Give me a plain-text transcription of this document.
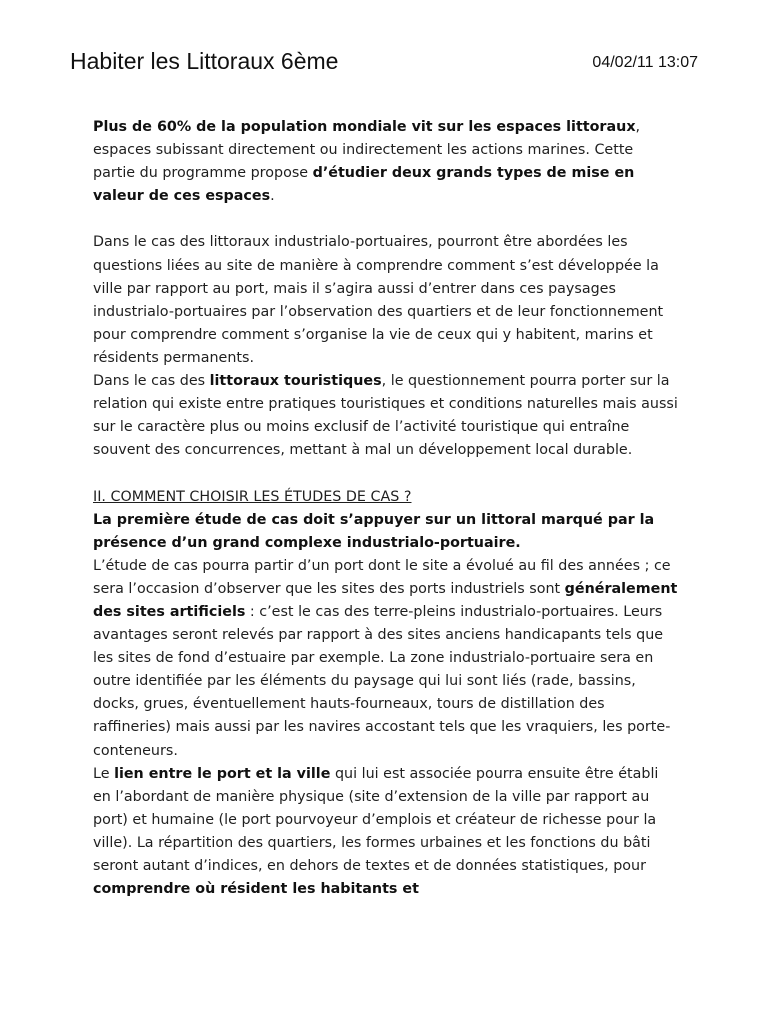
Habiter les Littoraux 6ème	04/02/11 13:07

Plus de 60% de la population mondiale vit sur les espaces littoraux, espaces subissant directement ou indirectement les actions marines. Cette partie du programme propose d’étudier deux grands types de mise en valeur de ces espaces.

Dans le cas des littoraux industrialo-portuaires, pourront être abordées les questions liées au site de manière à comprendre comment s’est développée la ville par rapport au port, mais il s’agira aussi d’entrer dans ces paysages industrialo-portuaires par l’observation des quartiers et de leur fonctionnement pour comprendre comment s’organise la vie de ceux qui y habitent, marins et résidents permanents.

Dans le cas des littoraux touristiques, le questionnement pourra porter sur la relation qui existe entre pratiques touristiques et conditions naturelles mais aussi sur le caractère plus ou moins exclusif de l’activité touristique qui entraîne souvent des concurrences, mettant à mal un développement local durable.

II. COMMENT CHOISIR LES ÉTUDES DE CAS ?

La première étude de cas doit s’appuyer sur un littoral marqué par la présence d’un grand complexe industrialo-portuaire.

L’étude de cas pourra partir d’un port dont le site a évolué au fil des années ; ce sera l’occasion d’observer que les sites des ports industriels sont généralement des sites artificiels : c’est le cas des terre-pleins industrialo-portuaires. Leurs avantages seront relevés par rapport à des sites anciens handicapants tels que les sites de fond d’estuaire par exemple. La zone industrialo-portuaire sera en outre identifiée par les éléments du paysage qui lui sont liés (rade, bassins, docks, grues, éventuellement hauts-fourneaux, tours de distillation des raffineries) mais aussi par les navires accostant tels que les vraquiers, les porte-conteneurs.

Le lien entre le port et la ville qui lui est associée pourra ensuite être établi en l’abordant de manière physique (site d’extension de la ville par rapport au port) et humaine (le port pourvoyeur d’emplois et créateur de richesse pour la ville). La répartition des quartiers, les formes urbaines et les fonctions du bâti seront autant d’indices, en dehors de textes et de données statistiques, pour comprendre où résident les habitants et
